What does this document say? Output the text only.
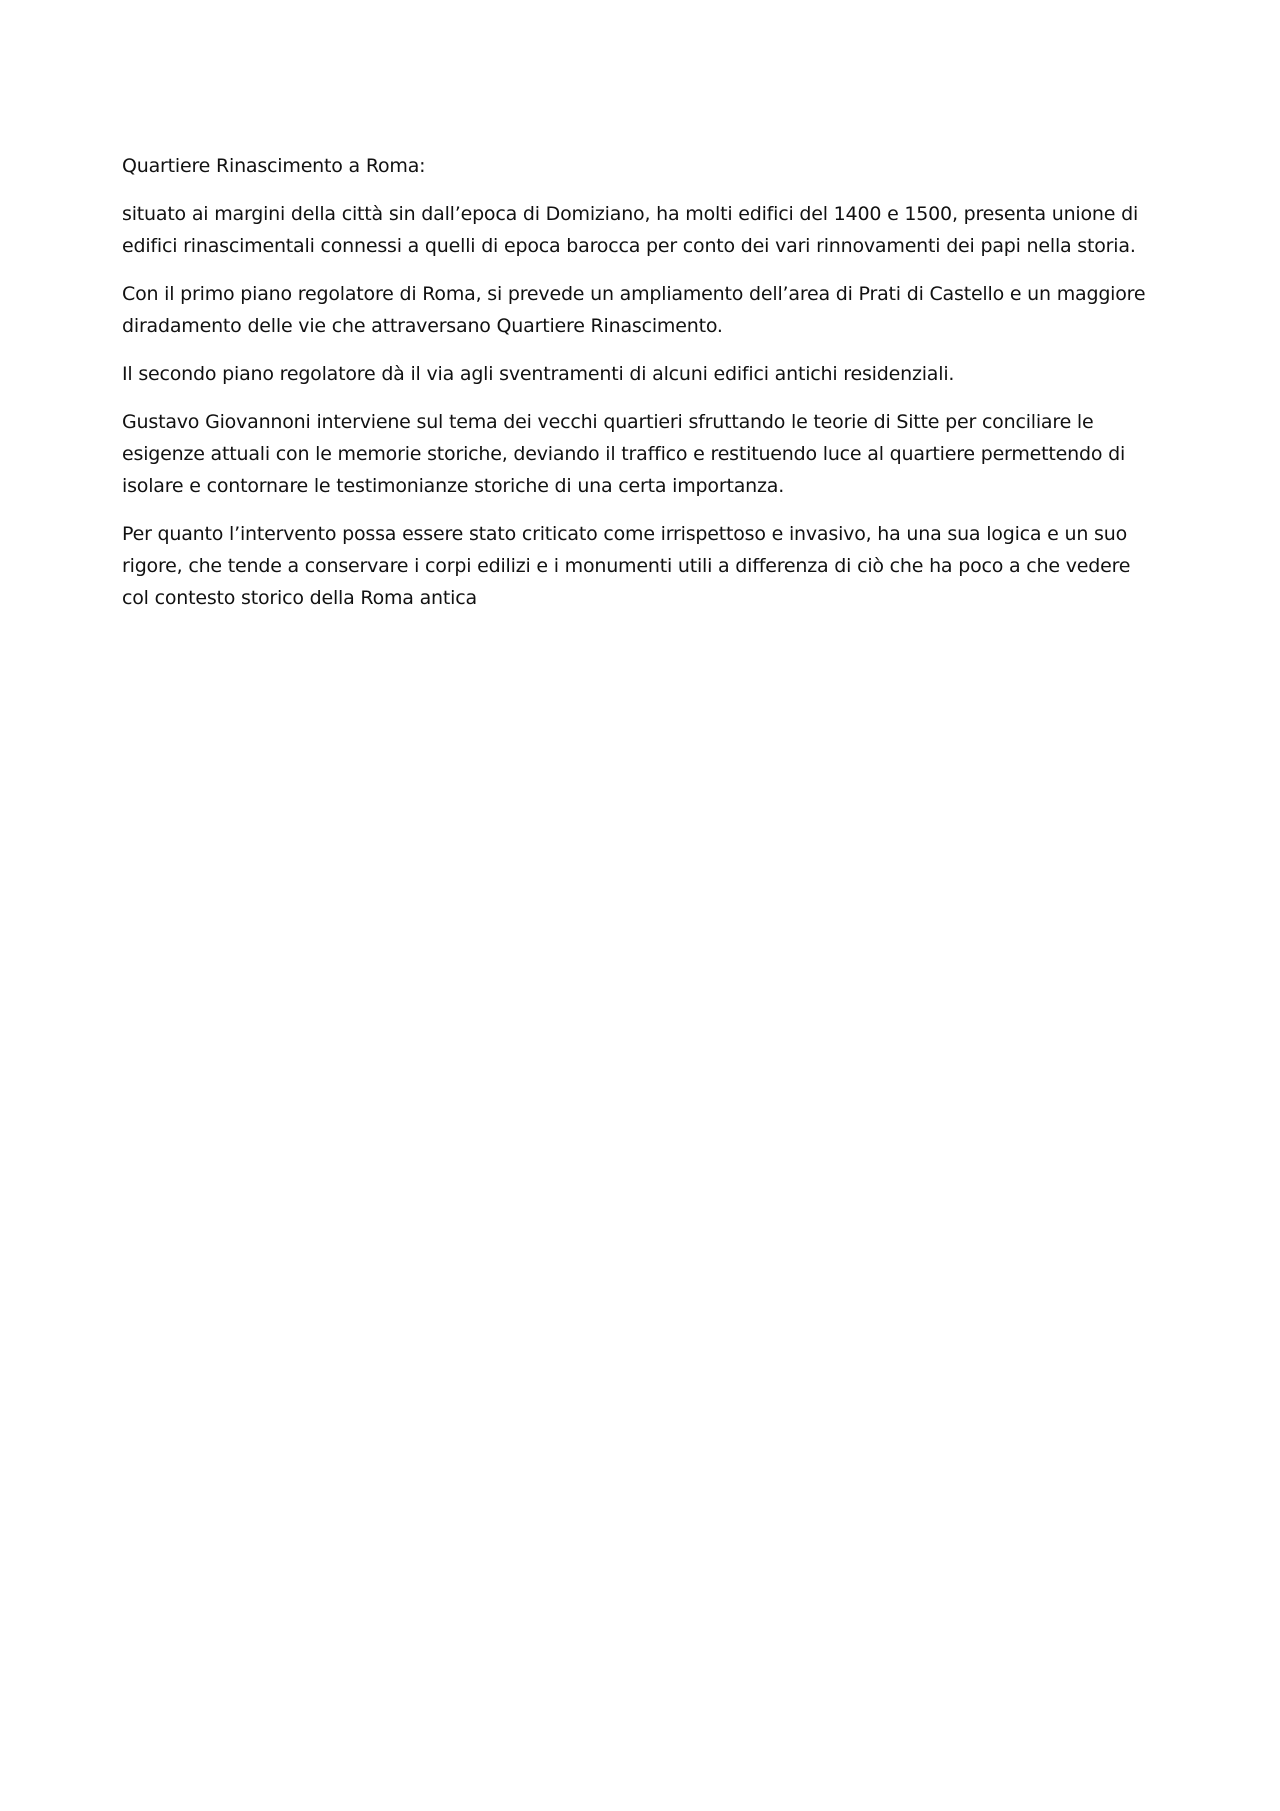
Quartiere Rinascimento a Roma:

situato ai margini della città sin dall’epoca di Domiziano, ha molti edifici del 1400 e 1500, presenta unione di edifici rinascimentali connessi a quelli di epoca barocca per conto dei vari rinnovamenti dei papi nella storia.

Con il primo piano regolatore di Roma, si prevede un ampliamento dell’area di Prati di Castello e un maggiore diradamento delle vie che attraversano Quartiere Rinascimento.

Il secondo piano regolatore dà il via agli sventramenti di alcuni edifici antichi residenziali.

Gustavo Giovannoni interviene sul tema dei vecchi quartieri sfruttando le teorie di Sitte per conciliare le esigenze attuali con le memorie storiche, deviando il traffico e restituendo luce al quartiere permettendo di isolare e contornare le testimonianze storiche di una certa importanza.

Per quanto l’intervento possa essere stato criticato come irrispettoso e invasivo, ha una sua logica e un suo rigore, che tende a conservare i corpi edilizi e i monumenti utili a differenza di ciò che ha poco a che vedere col contesto storico della Roma antica
